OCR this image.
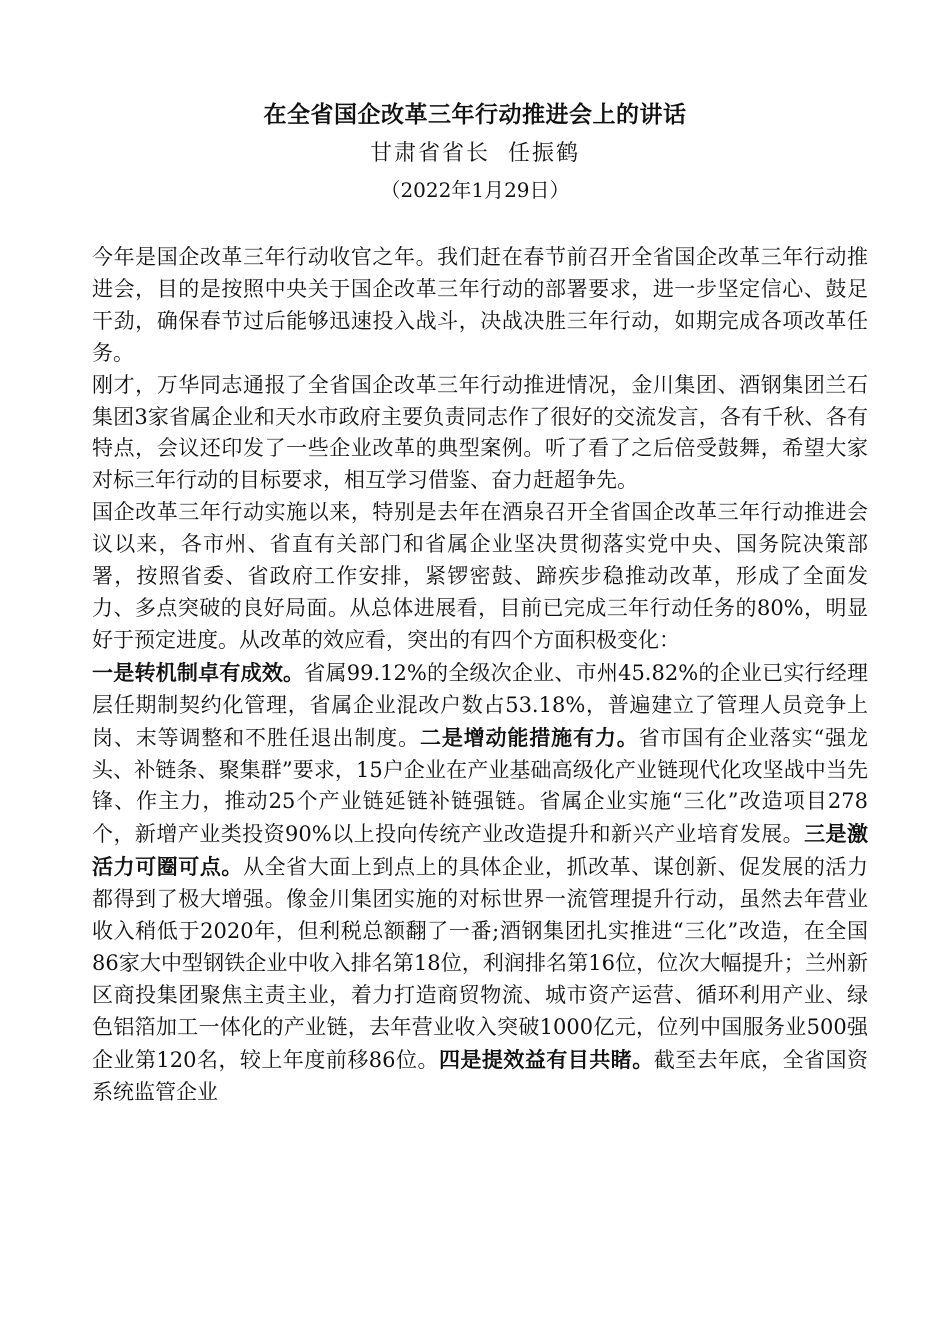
在全省国企改革三年行动推进会上的讲话
甘肃省省长  任振鹤
（2022年1月29日）

今年是国企改革三年行动收官之年。我们赶在春节前召开全省国企改革三年行动推进会，目的是按照中央关于国企改革三年行动的部署要求，进一步坚定信心、鼓足干劲，确保春节过后能够迅速投入战斗，决战决胜三年行动，如期完成各项改革任务。

刚才，万华同志通报了全省国企改革三年行动推进情况，金川集团、酒钢集团兰石集团3家省属企业和天水市政府主要负责同志作了很好的交流发言，各有千秋、各有特点，会议还印发了一些企业改革的典型案例。听了看了之后倍受鼓舞，希望大家对标三年行动的目标要求，相互学习借鉴、奋力赶超争先。

国企改革三年行动实施以来，特别是去年在酒泉召开全省国企改革三年行动推进会议以来，各市州、省直有关部门和省属企业坚决贯彻落实党中央、国务院决策部署，按照省委、省政府工作安排，紧锣密鼓、蹄疾步稳推动改革，形成了全面发力、多点突破的良好局面。从总体进展看，目前已完成三年行动任务的80%，明显好于预定进度。从改革的效应看，突出的有四个方面积极变化：

一是转机制卓有成效。省属99.12%的全级次企业、市州45.82%的企业已实行经理层任期制契约化管理，省属企业混改户数占53.18%，普遍建立了管理人员竞争上岗、末等调整和不胜任退出制度。二是增动能措施有力。省市国有企业落实“强龙头、补链条、聚集群”要求，15户企业在产业基础高级化产业链现代化攻坚战中当先锋、作主力，推动25个产业链延链补链强链。省属企业实施“三化”改造项目278个，新增产业类投资90%以上投向传统产业改造提升和新兴产业培育发展。三是激活力可圈可点。从全省大面上到点上的具体企业，抓改革、谋创新、促发展的活力都得到了极大增强。像金川集团实施的对标世界一流管理提升行动，虽然去年营业收入稍低于2020年，但利税总额翻了一番;酒钢集团扎实推进“三化”改造，在全国86家大中型钢铁企业中收入排名第18位，利润排名第16位，位次大幅提升；兰州新区商投集团聚焦主责主业，着力打造商贸物流、城市资产运营、循环利用产业、绿色铝箔加工一体化的产业链，去年营业收入突破1000亿元，位列中国服务业500强企业第120名，较上年度前移86位。四是提效益有目共睹。截至去年底，全省国资系统监管企业
